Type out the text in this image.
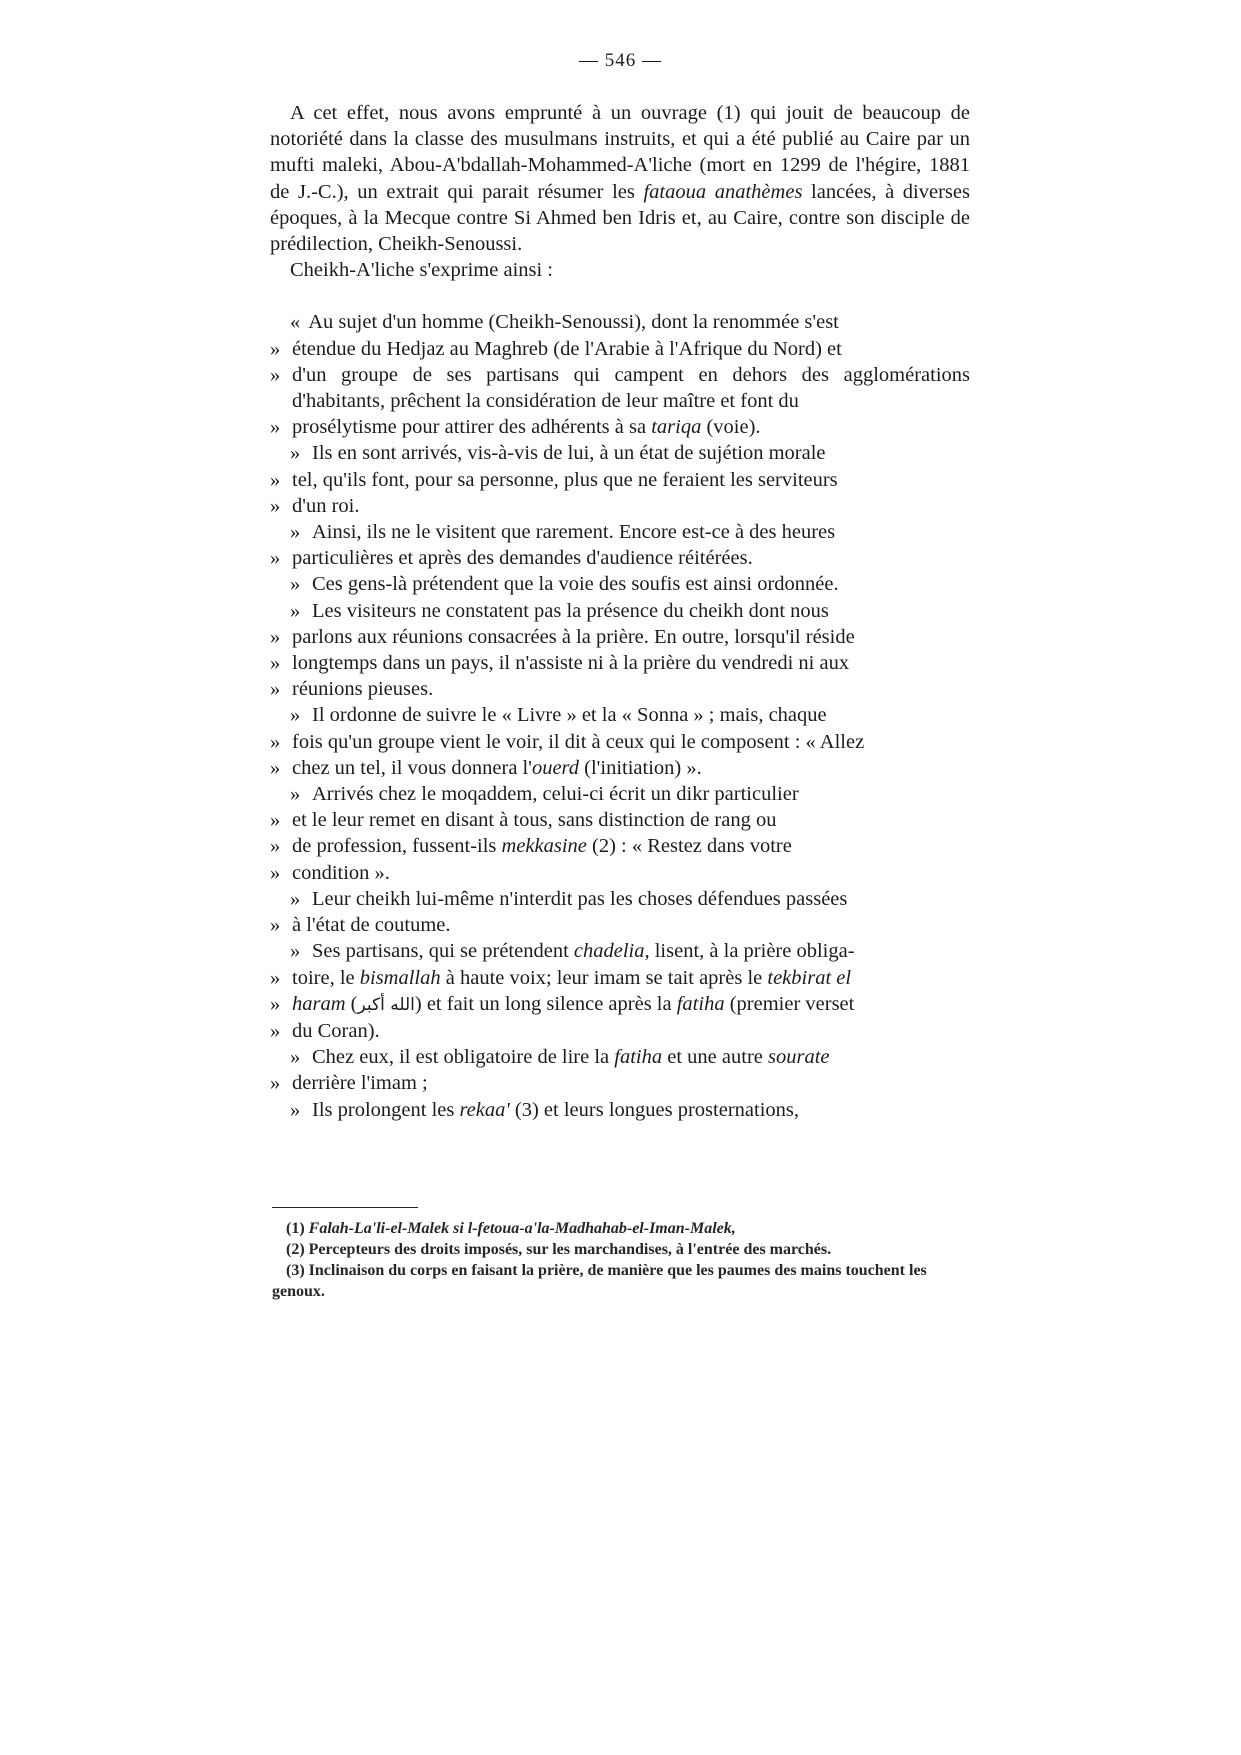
— 546 —

A cet effet, nous avons emprunté à un ouvrage (1) qui jouit de beaucoup de notoriété dans la classe des musulmans instruits, et qui a été publié au Caire par un mufti maleki, Abou-A'bdallah-Mohammed-A'liche (mort en 1299 de l'hégire, 1881 de J.-C.), un extrait qui parait résumer les fataoua anathèmes lancées, à diverses époques, à la Mecque contre Si Ahmed ben Idris et, au Caire, contre son disciple de prédilection, Cheikh-Senoussi.

Cheikh-A'liche s'exprime ainsi :

« Au sujet d'un homme (Cheikh-Senoussi), dont la renommée s'est
» étendue du Hedjaz au Maghreb (de l'Arabie à l'Afrique du Nord) et
» d'un groupe de ses partisans qui campent en dehors des agglomérations d'habitants, prêchent la considération de leur maître et font du
» prosélytisme pour attirer des adhérents à sa tariqa (voie).
» Ils en sont arrivés, vis-à-vis de lui, à un état de sujétion morale
» tel, qu'ils font, pour sa personne, plus que ne feraient les serviteurs
» d'un roi.
» Ainsi, ils ne le visitent que rarement. Encore est-ce à des heures
» particulières et après des demandes d'audience réitérées.
» Ces gens-là prétendent que la voie des soufis est ainsi ordonnée.
» Les visiteurs ne constatent pas la présence du cheikh dont nous
» parlons aux réunions consacrées à la prière. En outre, lorsqu'il réside
» longtemps dans un pays, il n'assiste ni à la prière du vendredi ni aux
» réunions pieuses.
» Il ordonne de suivre le « Livre » et la « Sonna » ; mais, chaque
» fois qu'un groupe vient le voir, il dit à ceux qui le composent : « Allez
» chez un tel, il vous donnera l'ouerd (l'initiation) ».
» Arrivés chez le moqaddem, celui-ci écrit un dikr particulier
» et le leur remet en disant à tous, sans distinction de rang ou
» de profession, fussent-ils mekkasine (2) : « Restez dans votre
» condition ».
» Leur cheikh lui-même n'interdit pas les choses défendues passées
» à l'état de coutume.
» Ses partisans, qui se prétendent chadelia, lisent, à la prière obliga-
» toire, le bismallah à haute voix; leur imam se tait après le tekbirat el
» haram (الله أكبر) et fait un long silence après la fatiha (premier verset
» du Coran).
» Chez eux, il est obligatoire de lire la fatiha et une autre sourate
» derrière l'imam ;
» Ils prolongent les rekaa' (3) et leurs longues prosternations,

(1) Falah-La'li-el-Malek si l-fetoua-a'la-Madhahab-el-Iman-Malek,

(2) Percepteurs des droits imposés, sur les marchandises, à l'entrée des marchés.

(3) Inclinaison du corps en faisant la prière, de manière que les paumes des mains touchent les genoux.
